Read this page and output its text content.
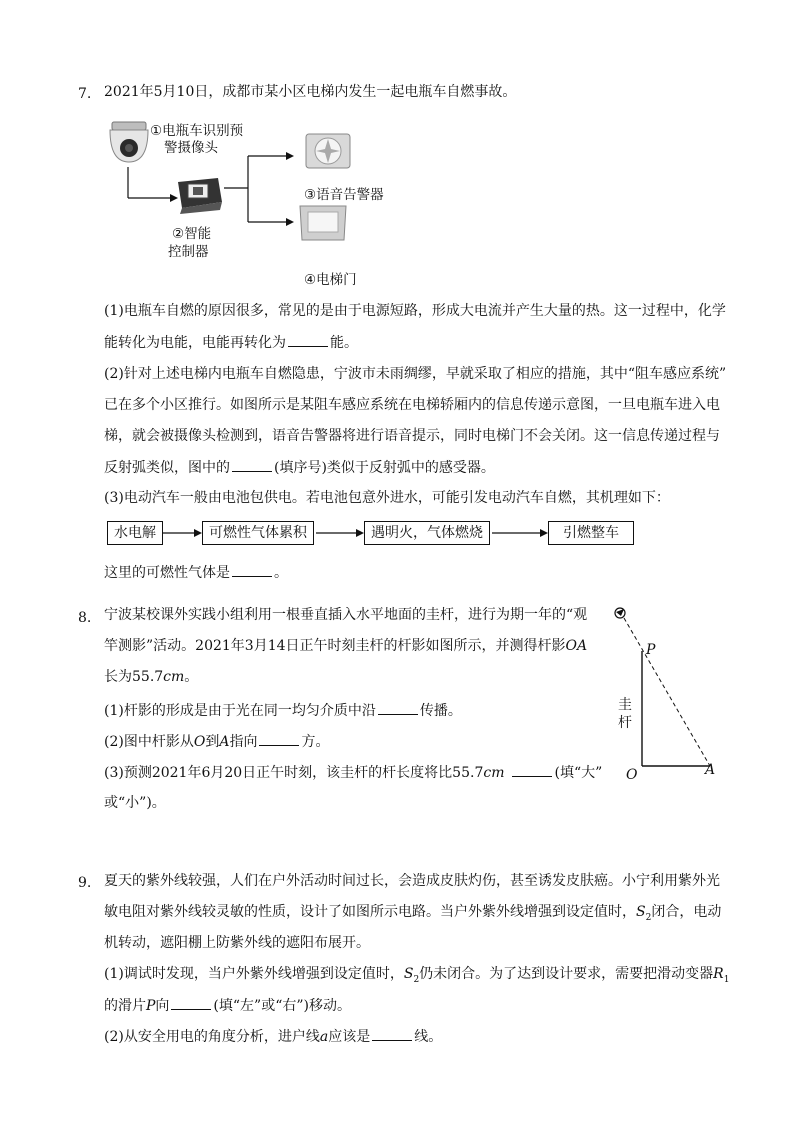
7. 2021年5月10日，成都市某小区电梯内发生一起电瓶车自燃事故。
①电瓶车识别预
警摄像头
②智能
控制器
③语音告警器
④电梯门
(1)电瓶车自燃的原因很多，常见的是由于电源短路，形成大电流并产生大量的热。这一过程中，化学
能转化为电能，电能再转化为	能。
(2)针对上述电梯内电瓶车自燃隐患，宁波市未雨绸缪，早就采取了相应的措施，其中“阻车感应系统”
已在多个小区推行。如图所示是某阻车感应系统在电梯轿厢内的信息传递示意图，一旦电瓶车进入电
梯，就会被摄像头检测到，语音告警器将进行语音提示，同时电梯门不会关闭。这一信息传递过程与
反射弧类似，图中的	(填序号)类似于反射弧中的感受器。
(3)电动汽车一般由电池包供电。若电池包意外进水，可能引发电动汽车自燃，其机理如下：
水电解	可燃性气体累积	遇明火，气体燃烧	引燃整车
这里的可燃性气体是	。
8. 宁波某校课外实践小组利用一根垂直插入水平地面的圭杆，进行为期一年的“观
竿测影”活动。2021年3月14日正午时刻圭杆的杆影如图所示，并测得杆影OA
长为55.7cm。
(1)杆影的形成是由于光在同一均匀介质中沿	传播。
(2)图中杆影从O到A指向	方。
(3)预测2021年6月20日正午时刻，该圭杆的杆长度将比55.7cm	(填“大”
或“小”)。
P
O	A
圭
杆
9. 夏天的紫外线较强，人们在户外活动时间过长，会造成皮肤灼伤，甚至诱发皮肤癌。小宁利用紫外光
敏电阻对紫外线较灵敏的性质，设计了如图所示电路。当户外紫外线增强到设定值时，$S_2$闭合，电动
机转动，遮阳棚上防紫外线的遮阳布展开。
(1)调试时发现，当户外紫外线增强到设定值时，$S_2$仍未闭合。为了达到设计要求，需要把滑动变器$R_1$
的滑片P向	(填“左”或“右”)移动。
(2)从安全用电的角度分析，进户线a应该是	线。
